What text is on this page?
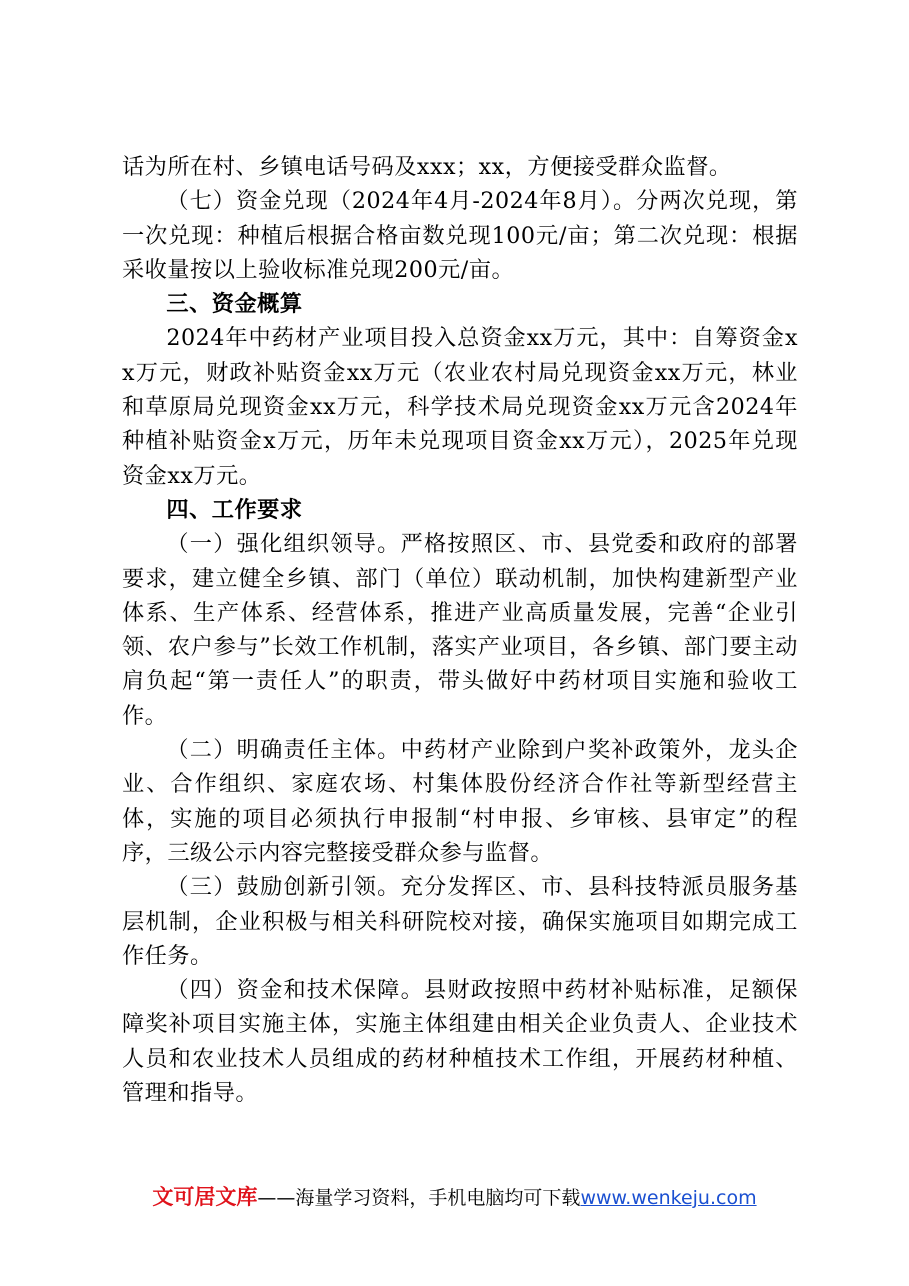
话为所在村、乡镇电话号码及xxx；xx，方便接受群众监督。

（七）资金兑现（2024年4月-2024年8月）。分两次兑现，第一次兑现：种植后根据合格亩数兑现100元/亩；第二次兑现：根据采收量按以上验收标准兑现200元/亩。

三、资金概算

2024年中药材产业项目投入总资金xx万元，其中：自筹资金xx万元，财政补贴资金xx万元（农业农村局兑现资金xx万元，林业和草原局兑现资金xx万元，科学技术局兑现资金xx万元含2024年种植补贴资金x万元，历年未兑现项目资金xx万元），2025年兑现资金xx万元。

四、工作要求

（一）强化组织领导。严格按照区、市、县党委和政府的部署要求，建立健全乡镇、部门（单位）联动机制，加快构建新型产业体系、生产体系、经营体系，推进产业高质量发展，完善“企业引领、农户参与”长效工作机制，落实产业项目，各乡镇、部门要主动肩负起“第一责任人”的职责，带头做好中药材项目实施和验收工作。

（二）明确责任主体。中药材产业除到户奖补政策外，龙头企业、合作组织、家庭农场、村集体股份经济合作社等新型经营主体，实施的项目必须执行申报制“村申报、乡审核、县审定”的程序，三级公示内容完整接受群众参与监督。

（三）鼓励创新引领。充分发挥区、市、县科技特派员服务基层机制，企业积极与相关科研院校对接，确保实施项目如期完成工作任务。

（四）资金和技术保障。县财政按照中药材补贴标准，足额保障奖补项目实施主体，实施主体组建由相关企业负责人、企业技术人员和农业技术人员组成的药材种植技术工作组，开展药材种植、管理和指导。

文可居文库——海量学习资料，手机电脑均可下载www.wenkeju.com
